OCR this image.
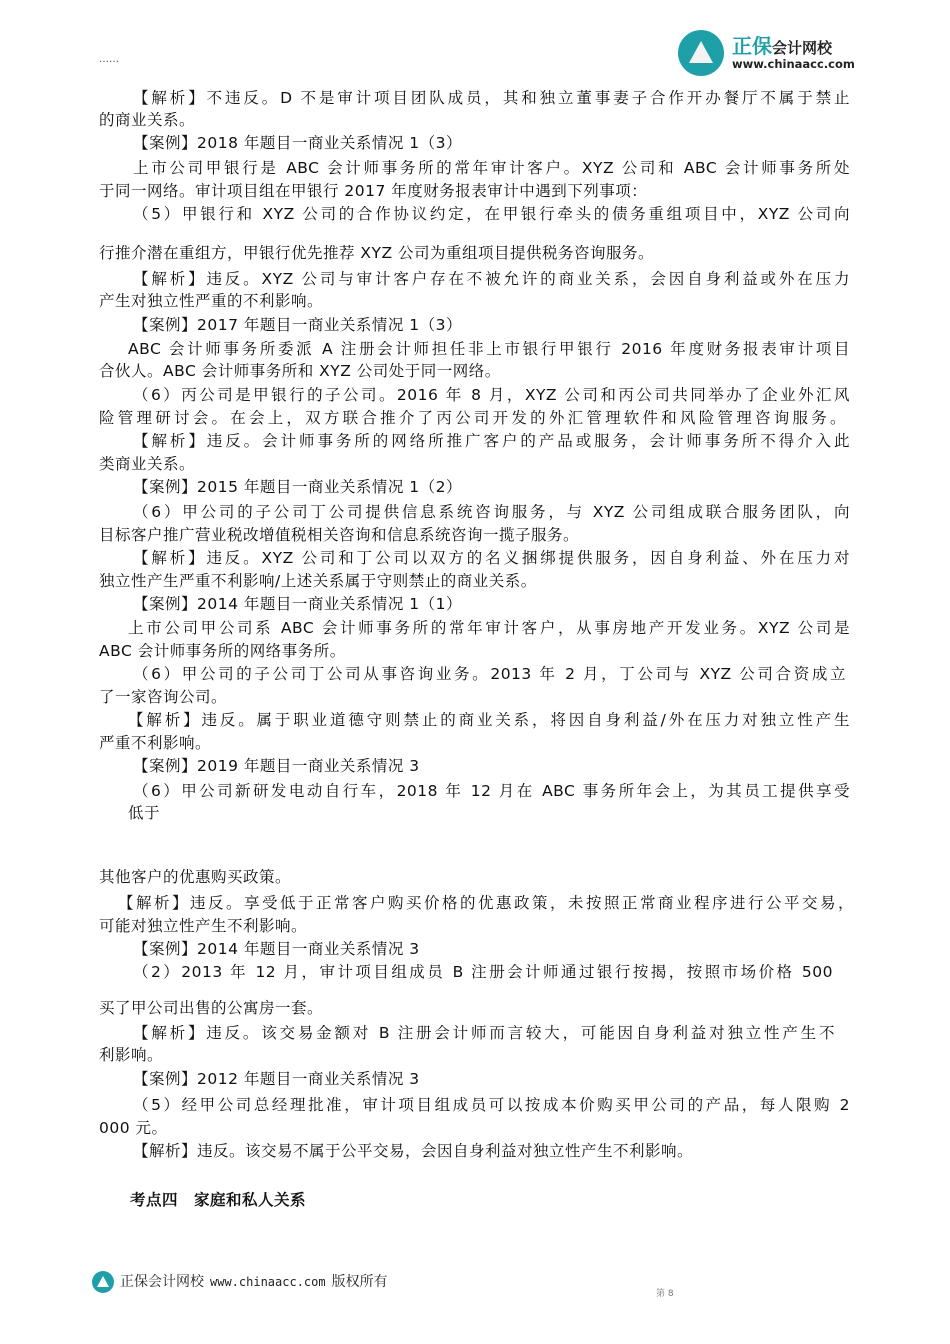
……
正保会计网校
www.chinaacc.com
【解析】不违反。D 不是审计项目团队成员，其和独立董事妻子合作开办餐厅不属于禁止
的商业关系。
【案例】2018 年题目一商业关系情况 1（3）
上市公司甲银行是 ABC 会计师事务所的常年审计客户。XYZ 公司和 ABC 会计师事务所处
于同一网络。审计项目组在甲银行 2017 年度财务报表审计中遇到下列事项：
（5）甲银行和 XYZ 公司的合作协议约定，在甲银行牵头的债务重组项目中，XYZ 公司向
行推介潜在重组方，甲银行优先推荐 XYZ 公司为重组项目提供税务咨询服务。
【解析】违反。XYZ 公司与审计客户存在不被允许的商业关系，会因自身利益或外在压力
产生对独立性严重的不利影响。
【案例】2017 年题目一商业关系情况 1（3）
ABC 会计师事务所委派 A 注册会计师担任非上市银行甲银行 2016 年度财务报表审计项目
合伙人。ABC 会计师事务所和 XYZ 公司处于同一网络。
（6）丙公司是甲银行的子公司。2016 年 8 月，XYZ 公司和丙公司共同举办了企业外汇风
险管理研讨会。在会上，双方联合推介了丙公司开发的外汇管理软件和风险管理咨询服务。
【解析】违反。会计师事务所的网络所推广客户的产品或服务，会计师事务所不得介入此
类商业关系。
【案例】2015 年题目一商业关系情况 1（2）
（6）甲公司的子公司丁公司提供信息系统咨询服务，与 XYZ 公司组成联合服务团队，向
目标客户推广营业税改增值税相关咨询和信息系统咨询一揽子服务。
【解析】违反。XYZ 公司和丁公司以双方的名义捆绑提供服务，因自身利益、外在压力对
独立性产生严重不利影响/上述关系属于守则禁止的商业关系。
【案例】2014 年题目一商业关系情况 1（1）
上市公司甲公司系 ABC 会计师事务所的常年审计客户，从事房地产开发业务。XYZ 公司是
ABC 会计师事务所的网络事务所。
（6）甲公司的子公司丁公司从事咨询业务。2013 年 2 月，丁公司与 XYZ 公司合资成立
了一家咨询公司。
【解析】违反。属于职业道德守则禁止的商业关系，将因自身利益/外在压力对独立性产生
严重不利影响。
【案例】2019 年题目一商业关系情况 3
（6）甲公司新研发电动自行车，2018 年 12 月在 ABC 事务所年会上，为其员工提供享受
低于
其他客户的优惠购买政策。
【解析】违反。享受低于正常客户购买价格的优惠政策，未按照正常商业程序进行公平交易，
可能对独立性产生不利影响。
【案例】2014 年题目一商业关系情况 3
（2）2013 年 12 月，审计项目组成员 B 注册会计师通过银行按揭，按照市场价格 500
买了甲公司出售的公寓房一套。
【解析】违反。该交易金额对 B 注册会计师而言较大，可能因自身利益对独立性产生不
利影响。
【案例】2012 年题目一商业关系情况 3
（5）经甲公司总经理批准，审计项目组成员可以按成本价购买甲公司的产品，每人限购 2
000 元。
【解析】违反。该交易不属于公平交易，会因自身利益对独立性产生不利影响。
考点四　家庭和私人关系
正保会计网校 www.chinaacc.com 版权所有
第 8
